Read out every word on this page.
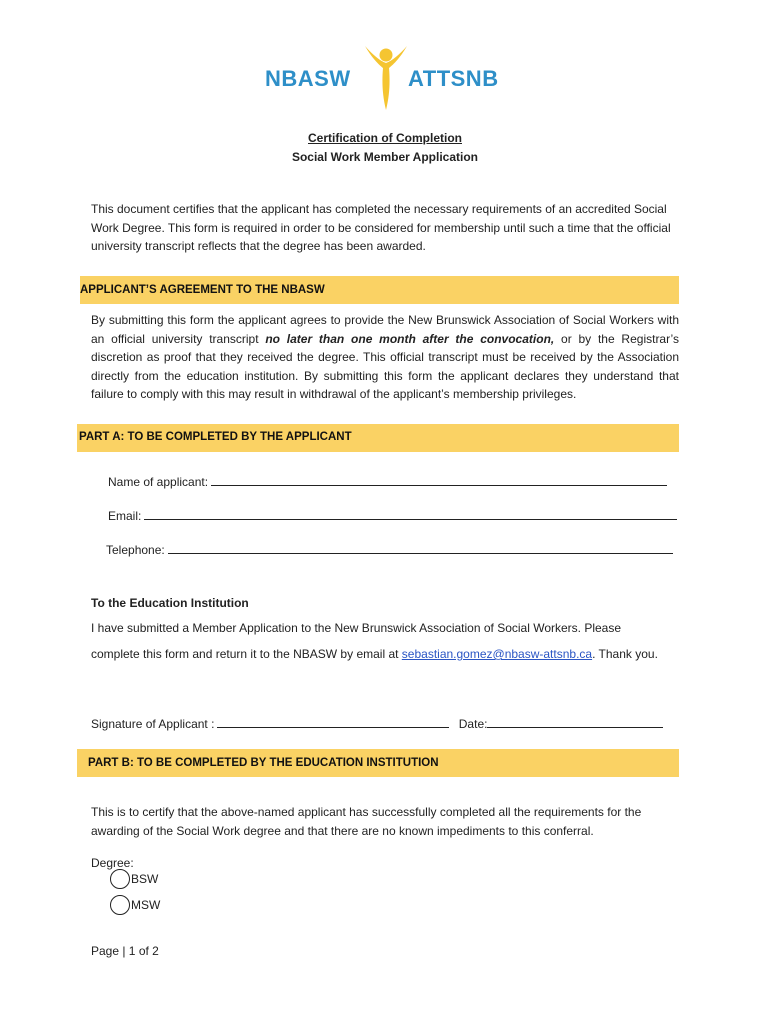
NBASW	ATTSNB
Certification of Completion
Social Work Member Application
This document certifies that the applicant has completed the necessary requirements of an accredited Social Work Degree. This form is required in order to be considered for membership until such a time that the official university transcript reflects that the degree has been awarded.
APPLICANT’S AGREEMENT TO THE NBASW
By submitting this form the applicant agrees to provide the New Brunswick Association of Social Workers with an official university transcript no later than one month after the convocation, or by the Registrar’s discretion as proof that they received the degree. This official transcript must be received by the Association directly from the education institution. By submitting this form the applicant declares they understand that failure to comply with this may result in withdrawal of the applicant’s membership privileges.
PART A: TO BE COMPLETED BY THE APPLICANT
Name of applicant:
Email:
Telephone:
To the Education Institution
I have submitted a Member Application to the New Brunswick Association of Social Workers. Please
complete this form and return it to the NBASW by email at sebastian.gomez@nbasw-attsnb.ca. Thank you.
Signature of Applicant :	Date:
PART B: TO BE COMPLETED BY THE EDUCATION INSTITUTION
This is to certify that the above-named applicant has successfully completed all the requirements for the awarding of the Social Work degree and that there are no known impediments to this conferral.
Degree:
BSW
MSW
Page | 1 of 2
